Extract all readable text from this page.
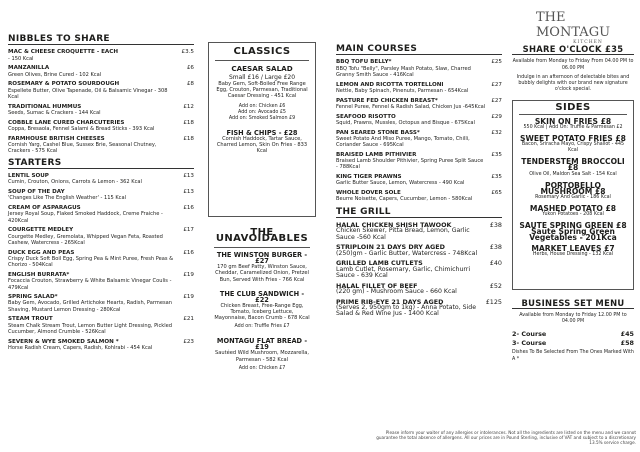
THE MONTAGU
KITCHEN
NIBBLES TO SHARE
MAC & CHEESE CROQUETTE - EACH	£3.5
- 150 Kcal
MANZANILLA	£6
Green Olives, Brine Cured - 102 Kcal
ROSEMARY & POTATO SOURDOUGH	£8
Espellete Butter, Olive Tapenade, Oil & Balsamic Vinegar - 308 Kcal
TRADITIONAL HUMMUS	£12
Seeds, Sumac & Crackers - 144 Kcal
COBBLE LANE CURED CHARCUTERIES	£18
Coppa, Bresaola, Fennel Salami & Bread Sticks - 393 Kcal
FARMHOUSE BRITISH CHEESES	£18
Cornish Yarg, Cashel Blue, Sussex Brie, Seasonal Chutney, Crackers - 575 Kcal
STARTERS
LENTIL SOUP	£13
Cumin, Crouton, Onions, Carrots & Lemon - 362 Kcal
SOUP OF THE DAY	£13
'Changes Like The English Weather' - 115 Kcal
CREAM OF ASPARAGUS	£16
Jersey Royal Soup, Flaked Smoked Haddock, Creme Fraiche - 420Kcal
COURGETTE MEDLEY	£17
Courgette Medley, Gremolata, Whipped Vegan Feta, Roasted Cashew, Watercress - 265Kcal
DUCK EGG AND PEAS	£16
Crispy Duck Soft Boil Egg, Spring Pea & Mint Puree, Fresh Peas & Chorizo - 504Kcal
ENGLISH BURRATA*	£19
Focaccia Crouton, Strawberry & White Balsamic Vinegar Coulis - 479Kcal
SPRING SALAD*	£19
Baby Gem, Avocado, Grilled Artichoke Hearts, Radish, Parmesan Shaving, Mustard Lemon Dressing - 280Kcal
STEAM TROUT	£21
Steam Chalk Stream Trout, Lemon Butter Light Dressing, Pickled Cucumber, Almond Crumble - 526Kcal
SEVERN & WYE SMOKED SALMON *	£23
Horse Radish Cream, Capers, Radish, Kohlrabi - 454 Kcal
CLASSICS
CAESAR SALAD
Small £16 / Large £20
Baby Gem, Soft-Boiled Free Range Egg, Crouton, Parmesan, Traditional Caesar Dressing - 451 Kcal
Add on: Chicken £6
Add on: Avocado £5
Add on: Smoked Salmon £9
FISH & CHIPS - £28
Cornish Haddock, Tartar Sauce, Charred Lemon, Skin On Fries - 833 Kcal
THE UNAVOIDABLES
THE WINSTON BURGER - £27
170 gm Beef Patty, Winston Sauce, Cheddar, Caramelized Onion, Pretzel Bun, Served With Fries - 766 Kcal
THE CLUB SANDWICH - £22
Chicken Breast, Free-Range Egg, Tomato, Iceberg Lettuce, Mayonnaise, Bacon Crumb - 678 Kcal
Add on: Truffle Fries £7
MONTAGU FLAT BREAD - £19
Sautéed Wild Mushroom, Mozzarella, Parmesan - 582 Kcal
Add on: Chicken £7
MAIN COURSES
BBQ TOFU BELLY*	£25
BBQ Tofu "Belly", Parsley Mash Potato, Slaw, Charred Granny Smith Sauce - 416Kcal
LEMON AND RICOTTA TORTELLONI	£27
Nettle, Baby Spinach, Pinenuts, Parmesan - 654Kcal
PASTURE FED CHICKEN BREAST*	£27
Fennel Puree, Fennel & Radish Salad, Chicken Jus -645Kcal
SEAFOOD RISOTTO	£29
Squid, Prawns, Mussles, Octopus and Bisque - 675Kcal
PAN SEARED STONE BASS*	£32
Sweet Potato And Miso Puree, Mango, Tomato, Chilli, Coriander Sauce - 695Kcal
BRAISED LAMB PITHIVIER	£35
Braised Lamb Shoulder Pithivier, Spring Puree Split Sauce - 788Kcal
KING TIGER PRAWNS	£35
Garlic Butter Sauce, Lemon, Watercress - 490 Kcal
WHOLE DOVER SOLE	£65
Beurre Noisette, Capers, Cucumber, Lemon - 580Kcal
THE GRILL
HALAL CHICKEN SHISH TAWOOK	£38
Chicken Skewer, Pitta Bread, Lemon, Garlic Sauce -560 Kcal
STRIPLOIN 21 DAYS DRY AGED	£38
(250)gm - Garlic Butter, Watercress - 748Kcal
GRILLED LAMB CUTLETS	£40
Lamb Cutlet, Rosemary, Garlic, Chimichurri Sauce - 639 Kcal
HALAL FILLET OF BEEF	£52
(220 gm) - Mushroom Sauce - 660 Kcal
PRIME RIB-EYE 21 DAYS AGED	£125
(Serves 2, 950gm to 1kg) - Anna Potato, Side Salad & Red Wine Jus - 1400 Kcal
SHARE O'CLOCK £35
Available from Monday to Friday From 04.00 PM to 06.00 PM
Indulge in an afternoon of delectable bites and bubbly delights with our brand new signature o'clock special.
SIDES
SKIN ON FRIES £8
550 Kcal | Add On: Truffle & Parmesan £2
SWEET POTATO FRIES £8
Bacon, Sriracha Mayo, Crispy Shallot - 445 Kcal
TENDERSTEM BROCCOLI £8
Olive Oil, Maldon Sea Salt - 154 Kcal
PORTOBELLO MUSHROOM £8
Rosemary And Garlic - 186 Kcal
MASHED POTATO £8
Yukon Potatoes - 208 Kcal
SAUTE SPRING GREEN £8 Saute Spring Green Vegetables - 201Kca
MARKET LEAVES £7
Herbs, House Dressing - 132 Kcal
BUSINESS SET MENU
Available from Monday to Friday 12.00 PM to 04.00 PM
2- Course	£45
3- Course	£58
Dishes To Be Selected From The Ones Marked With A *
Please inform your waiter of any allergies or intolerances. Not all the ingredients are listed on the menu and we cannot guarantee the total absence of allergens. All our prices are in Pound Sterling, inclusive of VAT and subject to a discretionary 13.5% service charge.
